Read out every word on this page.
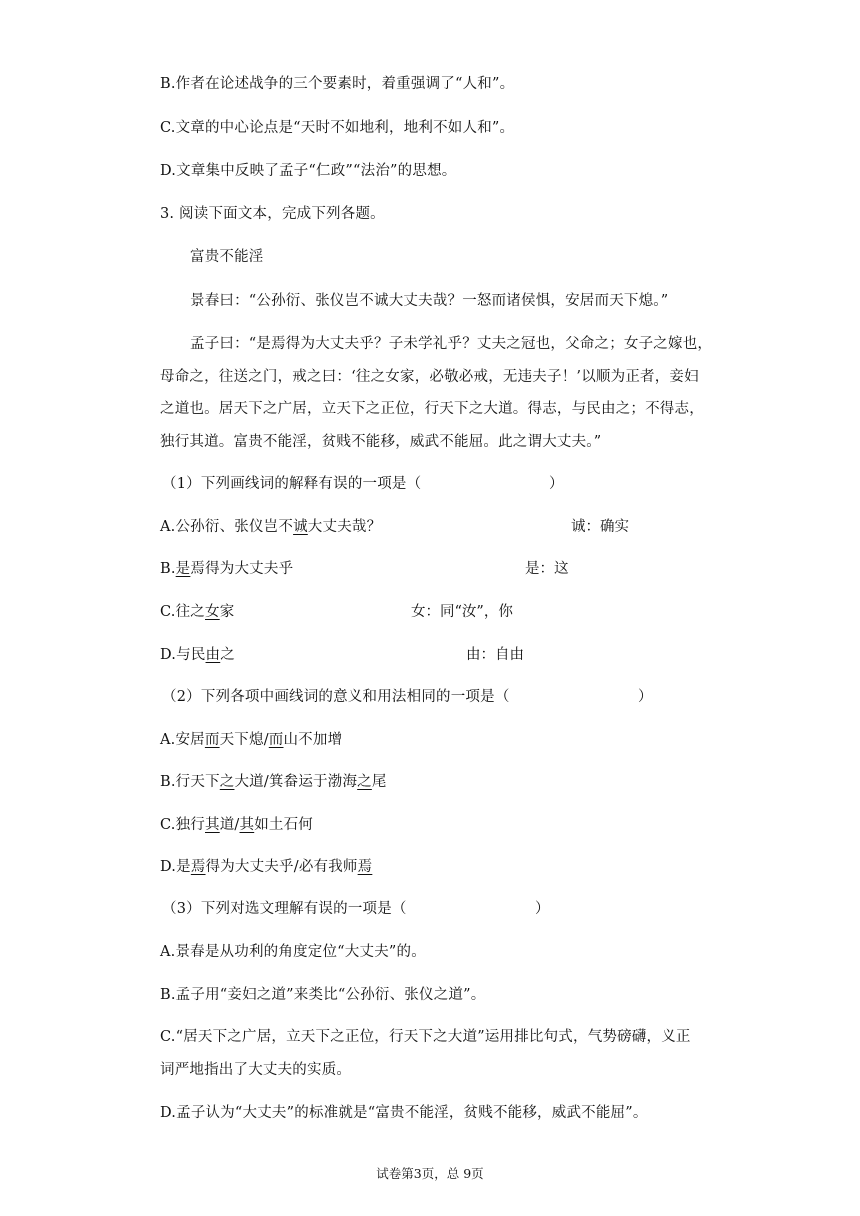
B.作者在论述战争的三个要素时，着重强调了“人和”。
C.文章的中心论点是“天时不如地利，地利不如人和”。
D.文章集中反映了孟子“仁政”“法治”的思想。
3. 阅读下面文本，完成下列各题。
富贵不能淫
景春曰：“公孙衍、张仪岂不诚大丈夫哉？一怒而诸侯惧，安居而天下熄。”
孟子曰：“是焉得为大丈夫乎？子未学礼乎？丈夫之冠也，父命之；女子之嫁也，
母命之，往送之门，戒之曰：‘往之女家，必敬必戒，无违夫子！’以顺为正者，妾妇
之道也。居天下之广居，立天下之正位，行天下之大道。得志，与民由之；不得志，
独行其道。富贵不能淫，贫贱不能移，威武不能屈。此之谓大丈夫。”
（1）下列画线词的解释有误的一项是（	）
A.公孙衍、张仪岂不诚大丈夫哉？	诚：确实
B.是焉得为大丈夫乎	是：这
C.往之女家	女：同“汝”，你
D.与民由之	由：自由
（2）下列各项中画线词的意义和用法相同的一项是（	）
A.安居而天下熄/而山不加增
B.行天下之大道/箕畚运于渤海之尾
C.独行其道/其如土石何
D.是焉得为大丈夫乎/必有我师焉
（3）下列对选文理解有误的一项是（	）
A.景春是从功利的角度定位“大丈夫”的。
B.孟子用“妾妇之道”来类比“公孙衍、张仪之道”。
C.“居天下之广居，立天下之正位，行天下之大道”运用排比句式，气势磅礴，义正
词严地指出了大丈夫的实质。
D.孟子认为“大丈夫”的标准就是“富贵不能淫，贫贱不能移，威武不能屈”。
试卷第3页，总 9页
